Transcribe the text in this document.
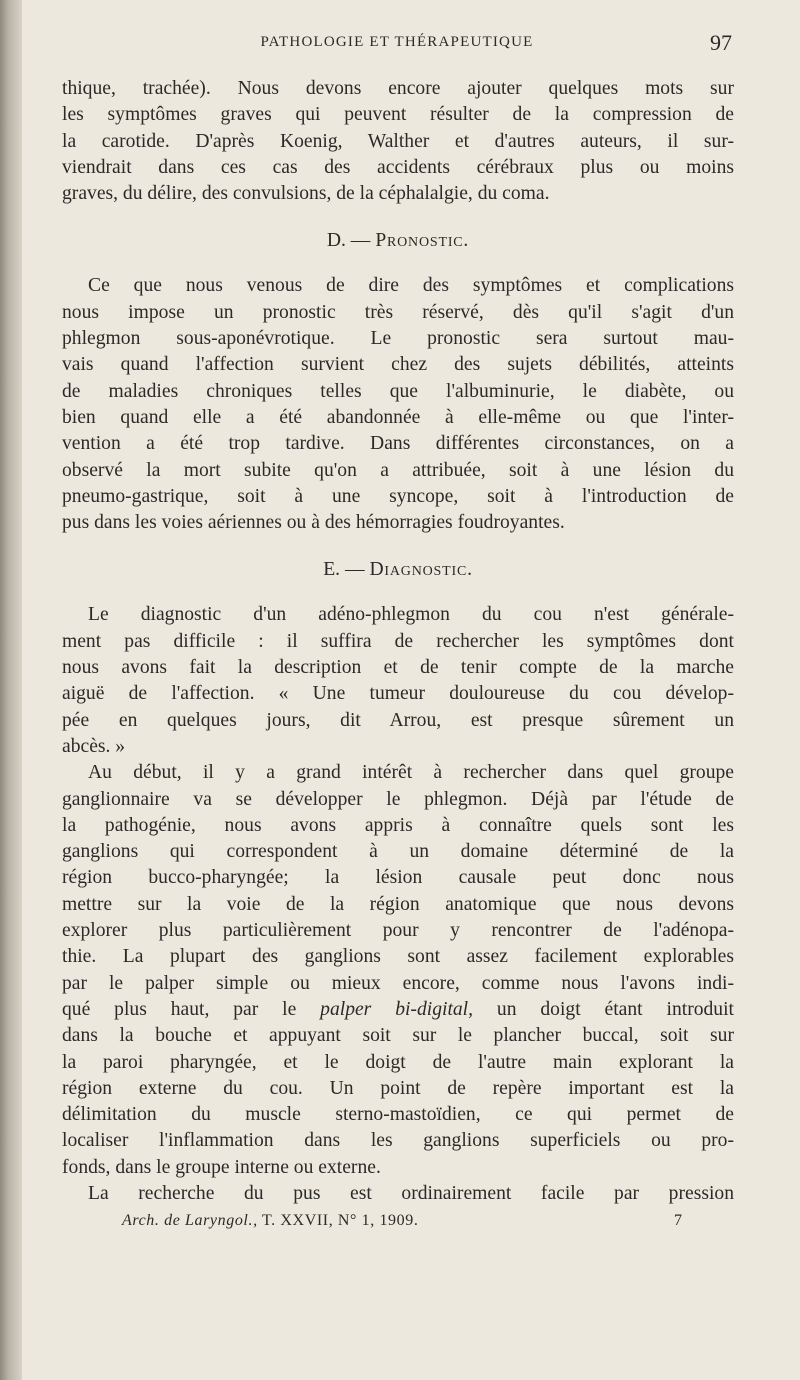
PATHOLOGIE ET THÉRAPEUTIQUE	97
thique, trachée). Nous devons encore ajouter quelques mots sur
les symptômes graves qui peuvent résulter de la compression de
la carotide. D'après Koenig, Walther et d'autres auteurs, il sur-
viendrait dans ces cas des accidents cérébraux plus ou moins
graves, du délire, des convulsions, de la céphalalgie, du coma.
D. — Pronostic.
Ce que nous venous de dire des symptômes et complications
nous impose un pronostic très réservé, dès qu'il s'agit d'un
phlegmon sous-aponévrotique. Le pronostic sera surtout mau-
vais quand l'affection survient chez des sujets débilités, atteints
de maladies chroniques telles que l'albuminurie, le diabète, ou
bien quand elle a été abandonnée à elle-même ou que l'inter-
vention a été trop tardive. Dans différentes circonstances, on a
observé la mort subite qu'on a attribuée, soit à une lésion du
pneumo-gastrique, soit à une syncope, soit à l'introduction de
pus dans les voies aériennes ou à des hémorragies foudroyantes.
E. — Diagnostic.
Le diagnostic d'un adéno-phlegmon du cou n'est générale-
ment pas difficile : il suffira de rechercher les symptômes dont
nous avons fait la description et de tenir compte de la marche
aiguë de l'affection. « Une tumeur douloureuse du cou dévelop-
pée en quelques jours, dit Arrou, est presque sûrement un
abcès. »
Au début, il y a grand intérêt à rechercher dans quel groupe
ganglionnaire va se développer le phlegmon. Déjà par l'étude de
la pathogénie, nous avons appris à connaître quels sont les
ganglions qui correspondent à un domaine déterminé de la
région bucco-pharyngée; la lésion causale peut donc nous
mettre sur la voie de la région anatomique que nous devons
explorer plus particulièrement pour y rencontrer de l'adénopa-
thie. La plupart des ganglions sont assez facilement explorables
par le palper simple ou mieux encore, comme nous l'avons indi-
qué plus haut, par le palper bi-digital, un doigt étant introduit
dans la bouche et appuyant soit sur le plancher buccal, soit sur
la paroi pharyngée, et le doigt de l'autre main explorant la
région externe du cou. Un point de repère important est la
délimitation du muscle sterno-mastoïdien, ce qui permet de
localiser l'inflammation dans les ganglions superficiels ou pro-
fonds, dans le groupe interne ou externe.
La recherche du pus est ordinairement facile par pression
Arch. de Laryngol., T. XXVII, N° 1, 1909.	7
